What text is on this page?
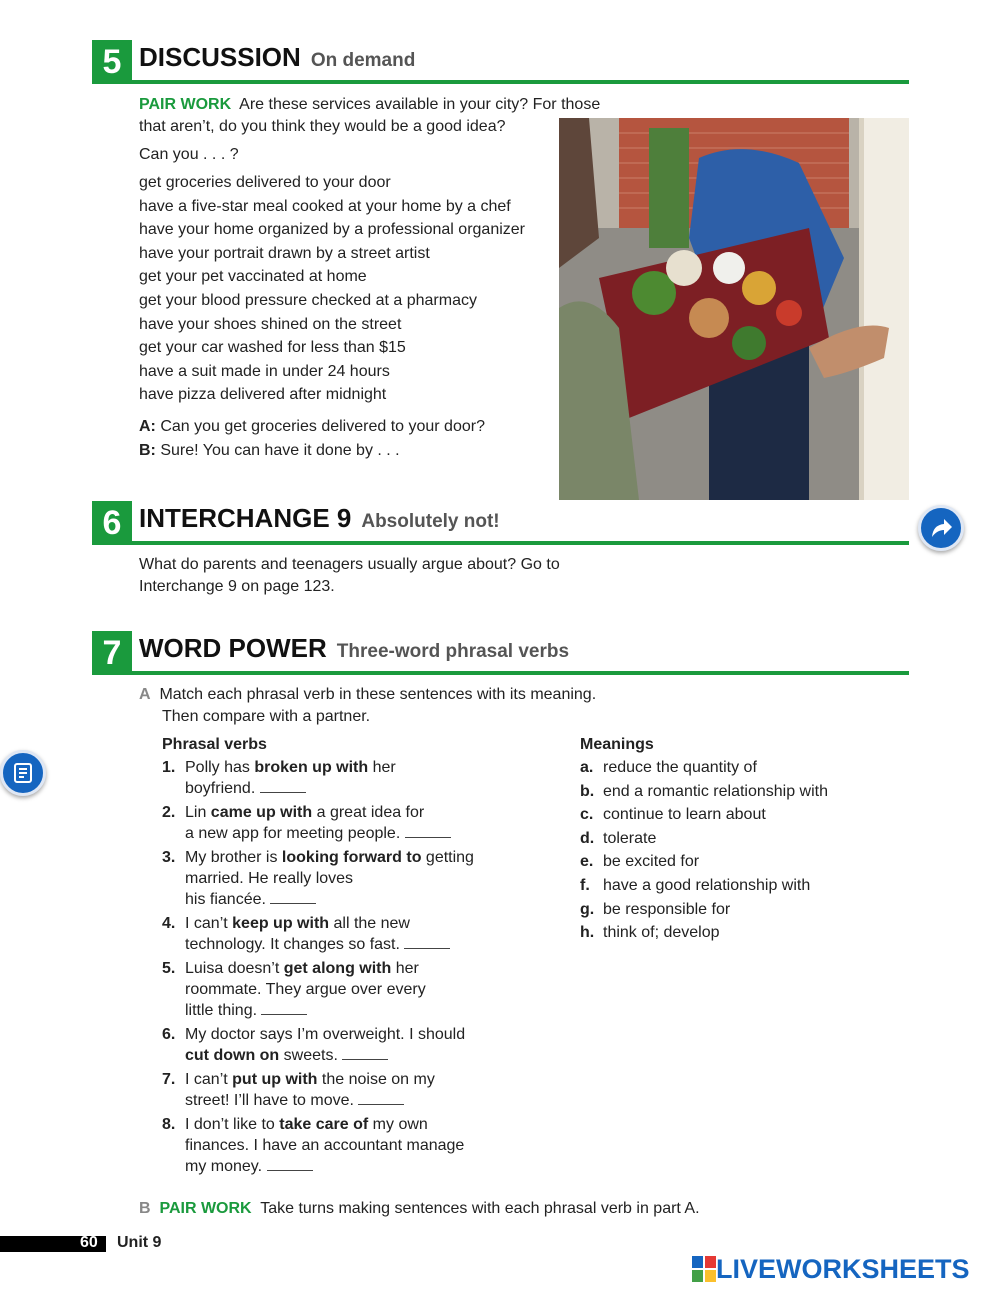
5 DISCUSSION On demand
PAIR WORK Are these services available in your city? For those
that aren’t, do you think they would be a good idea?
Can you . . . ?
get groceries delivered to your door
have a five-star meal cooked at your home by a chef
have your home organized by a professional organizer
have your portrait drawn by a street artist
get your pet vaccinated at home
get your blood pressure checked at a pharmacy
have your shoes shined on the street
get your car washed for less than $15
have a suit made in under 24 hours
have pizza delivered after midnight
A: Can you get groceries delivered to your door?
B: Sure! You can have it done by . . .
6 INTERCHANGE 9 Absolutely not!
What do parents and teenagers usually argue about? Go to
Interchange 9 on page 123.
7 WORD POWER Three-word phrasal verbs
A Match each phrasal verb in these sentences with its meaning.
Then compare with a partner.
Phrasal verbs	Meanings
1. Polly has broken up with her
boyfriend.
2. Lin came up with a great idea for
a new app for meeting people.
3. My brother is looking forward to getting
married. He really loves
his fiancée.
4. I can’t keep up with all the new
technology. It changes so fast.
5. Luisa doesn’t get along with her
roommate. They argue over every
little thing.
6. My doctor says I’m overweight. I should
cut down on sweets.
7. I can’t put up with the noise on my
street! I’ll have to move.
8. I don’t like to take care of my own
finances. I have an accountant manage
my money.
a. reduce the quantity of
b. end a romantic relationship with
c. continue to learn about
d. tolerate
e. be excited for
f. have a good relationship with
g. be responsible for
h. think of; develop
B PAIR WORK Take turns making sentences with each phrasal verb in part A.
60 Unit 9
LIVEWORKSHEETS
